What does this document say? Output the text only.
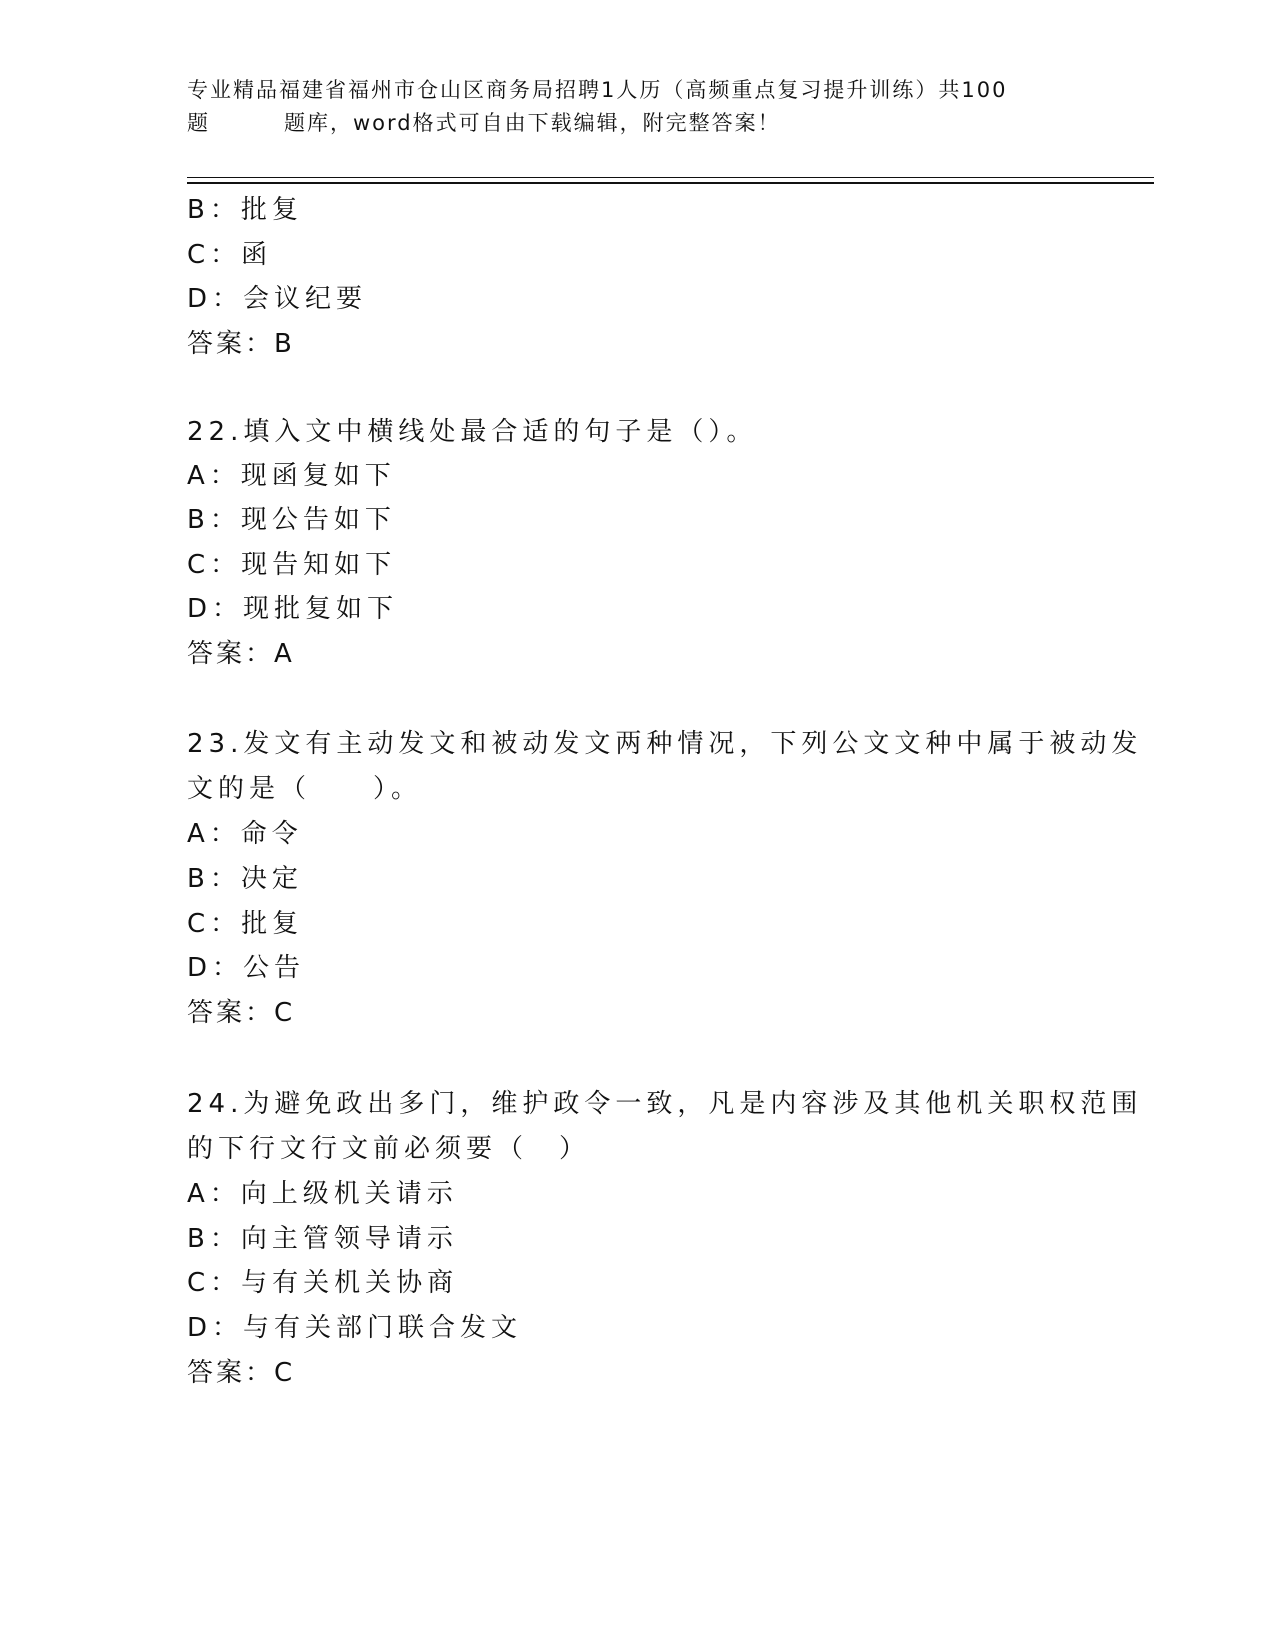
专业精品福建省福州市仓山区商务局招聘1人历（高频重点复习提升训练）共100
题	题库，word格式可自由下载编辑，附完整答案！
B：批复
C：函
D：会议纪要
答案：B
22.填入文中横线处最合适的句子是（）。
A：现函复如下
B：现公告如下
C：现告知如下
D：现批复如下
答案：A
23.发文有主动发文和被动发文两种情况，下列公文文种中属于被动发
文的是（　　）。
A：命令
B：决定
C：批复
D：公告
答案：C
24.为避免政出多门，维护政令一致，凡是内容涉及其他机关职权范围
的下行文行文前必须要（　）
A：向上级机关请示
B：向主管领导请示
C：与有关机关协商
D：与有关部门联合发文
答案：C
